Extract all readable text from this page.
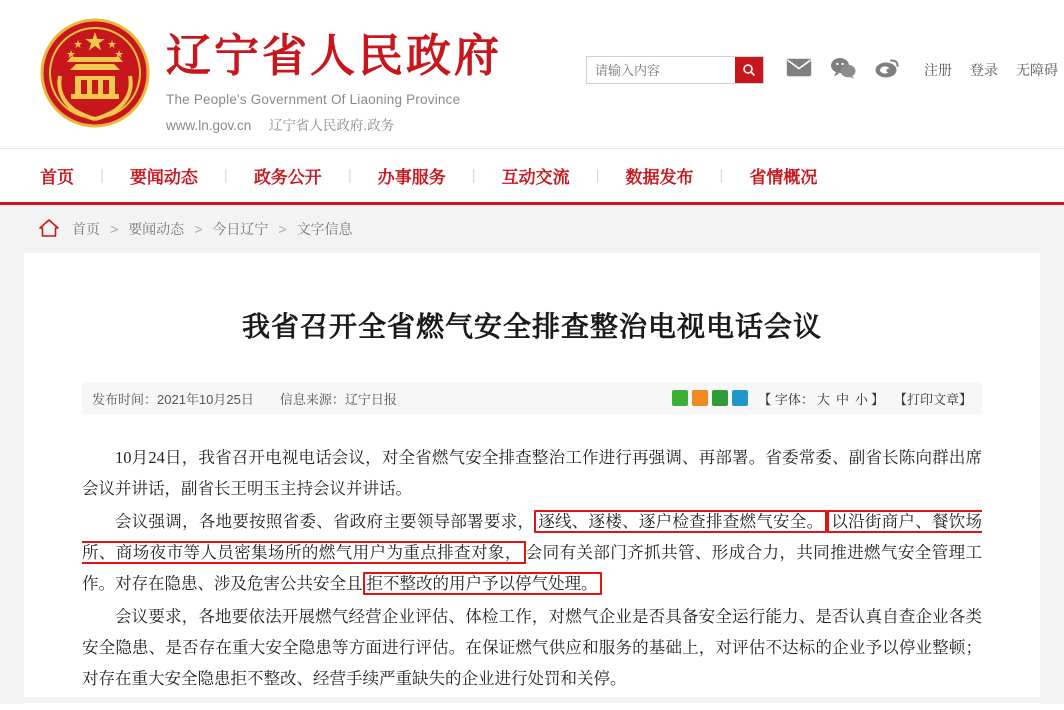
辽宁省人民政府
The People's Government Of Liaoning Province
www.ln.gov.cn 辽宁省人民政府.政务
请输入内容
注册 登录 无障碍
首页	|	要闻动态	|	政务公开	|	办事服务	|	互动交流	|	数据发布	|	省情概况
首页 > 要闻动态 > 今日辽宁 > 文字信息
我省召开全省燃气安全排查整治电视电话会议
发布时间：2021年10月25日 信息来源：辽宁日报	【 字体： 大 中 小 】 【打印文章】

10月24日，我省召开电视电话会议，对全省燃气安全排查整治工作进行再强调、再部署。省委常委、副省长陈向群出席会议并讲话，副省长王明玉主持会议并讲话。

会议强调，各地要按照省委、省政府主要领导部署要求， 逐线、逐楼、逐户检查排查燃气安全。 以沿街商户、餐饮场所、商场夜市等人员密集场所的燃气用户为重点排查对象， 会同有关部门齐抓共管、形成合力，共同推进燃气安全管理工作。对存在隐患、涉及危害公共安全且 拒不整改的用户予以停气处理。

会议要求，各地要依法开展燃气经营企业评估、体检工作，对燃气企业是否具备安全运行能力、是否认真自查企业各类安全隐患、是否存在重大安全隐患等方面进行评估。在保证燃气供应和服务的基础上，对评估不达标的企业予以停业整顿；对存在重大安全隐患拒不整改、经营手续严重缺失的企业进行处罚和关停。
